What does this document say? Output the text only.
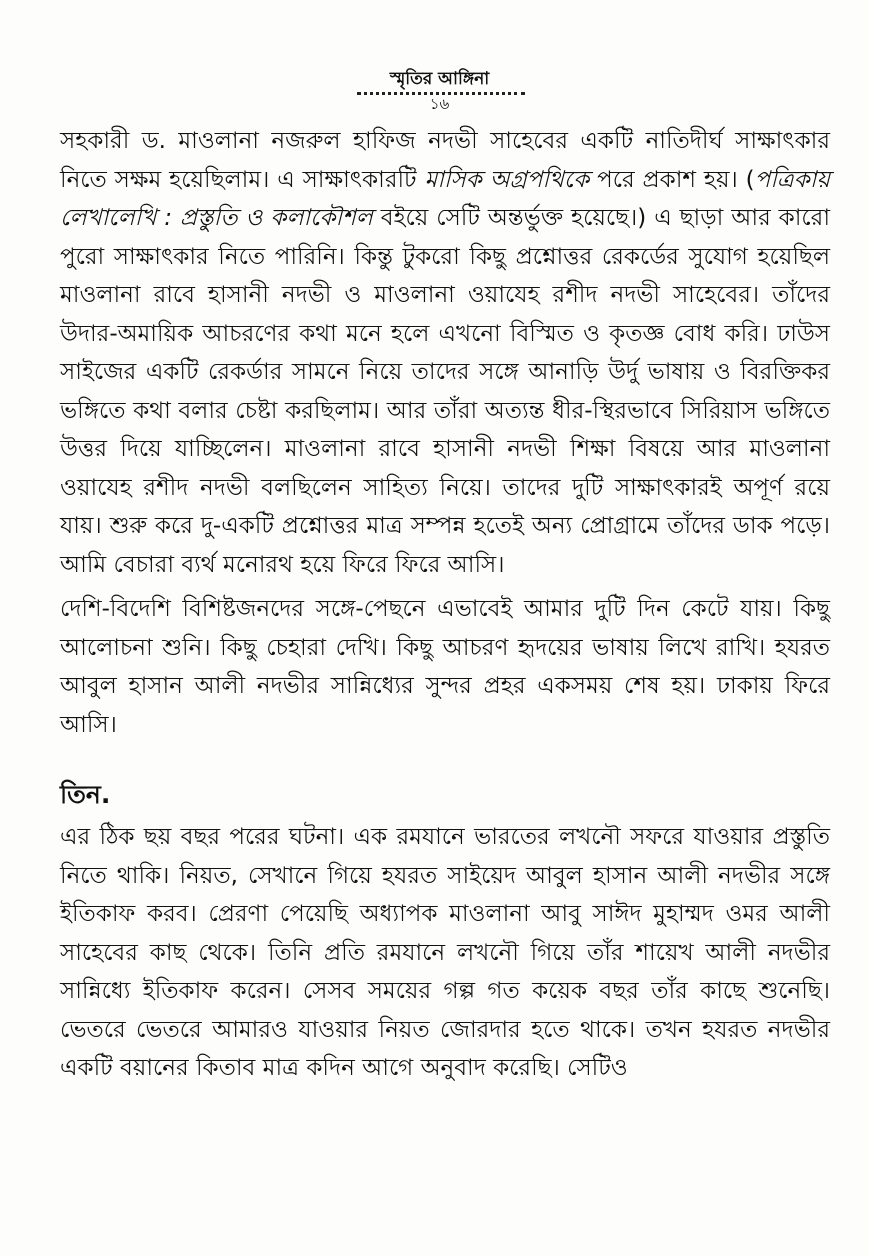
স্মৃতির আঙ্গিনা
১৬

সহকারী ড. মাওলানা নজরুল হাফিজ নদভী সাহেবের একটি নাতিদীর্ঘ সাক্ষাৎকার নিতে সক্ষম হয়েছিলাম। এ সাক্ষাৎকারটি মাসিক অগ্রপথিকে পরে প্রকাশ হয়। (পত্রিকায় লেখালেখি : প্রস্তুতি ও কলাকৌশল বইয়ে সেটি অন্তর্ভুক্ত হয়েছে।) এ ছাড়া আর কারো পুরো সাক্ষাৎকার নিতে পারিনি। কিন্তু টুকরো কিছু প্রশ্নোত্তর রেকর্ডের সুযোগ হয়েছিল মাওলানা রাবে হাসানী নদভী ও মাওলানা ওয়াযেহ রশীদ নদভী সাহেবের। তাঁদের উদার-অমায়িক আচরণের কথা মনে হলে এখনো বিস্মিত ও কৃতজ্ঞ বোধ করি। ঢাউস সাইজের একটি রেকর্ডার সামনে নিয়ে তাদের সঙ্গে আনাড়ি উর্দু ভাষায় ও বিরক্তিকর ভঙ্গিতে কথা বলার চেষ্টা করছিলাম। আর তাঁরা অত্যন্ত ধীর-স্থিরভাবে সিরিয়াস ভঙ্গিতে উত্তর দিয়ে যাচ্ছিলেন। মাওলানা রাবে হাসানী নদভী শিক্ষা বিষয়ে আর মাওলানা ওয়াযেহ রশীদ নদভী বলছিলেন সাহিত্য নিয়ে। তাদের দুটি সাক্ষাৎকারই অপূর্ণ রয়ে যায়। শুরু করে দু-একটি প্রশ্নোত্তর মাত্র সম্পন্ন হতেই অন্য প্রোগ্রামে তাঁদের ডাক পড়ে। আমি বেচারা ব্যর্থ মনোরথ হয়ে ফিরে ফিরে আসি।

দেশি-বিদেশি বিশিষ্টজনদের সঙ্গে-পেছনে এভাবেই আমার দুটি দিন কেটে যায়। কিছু আলোচনা শুনি। কিছু চেহারা দেখি। কিছু আচরণ হৃদয়ের ভাষায় লিখে রাখি। হযরত আবুল হাসান আলী নদভীর সান্নিধ্যের সুন্দর প্রহর একসময় শেষ হয়। ঢাকায় ফিরে আসি।

তিন.

এর ঠিক ছয় বছর পরের ঘটনা। এক রমযানে ভারতের লখনৌ সফরে যাওয়ার প্রস্তুতি নিতে থাকি। নিয়ত, সেখানে গিয়ে হযরত সাইয়েদ আবুল হাসান আলী নদভীর সঙ্গে ইতিকাফ করব। প্রেরণা পেয়েছি অধ্যাপক মাওলানা আবু সাঈদ মুহাম্মদ ওমর আলী সাহেবের কাছ থেকে। তিনি প্রতি রমযানে লখনৌ গিয়ে তাঁর শায়েখ আলী নদভীর সান্নিধ্যে ইতিকাফ করেন। সেসব সময়ের গল্প গত কয়েক বছর তাঁর কাছে শুনেছি। ভেতরে ভেতরে আমারও যাওয়ার নিয়ত জোরদার হতে থাকে। তখন হযরত নদভীর একটি বয়ানের কিতাব মাত্র কদিন আগে অনুবাদ করেছি। সেটিও
